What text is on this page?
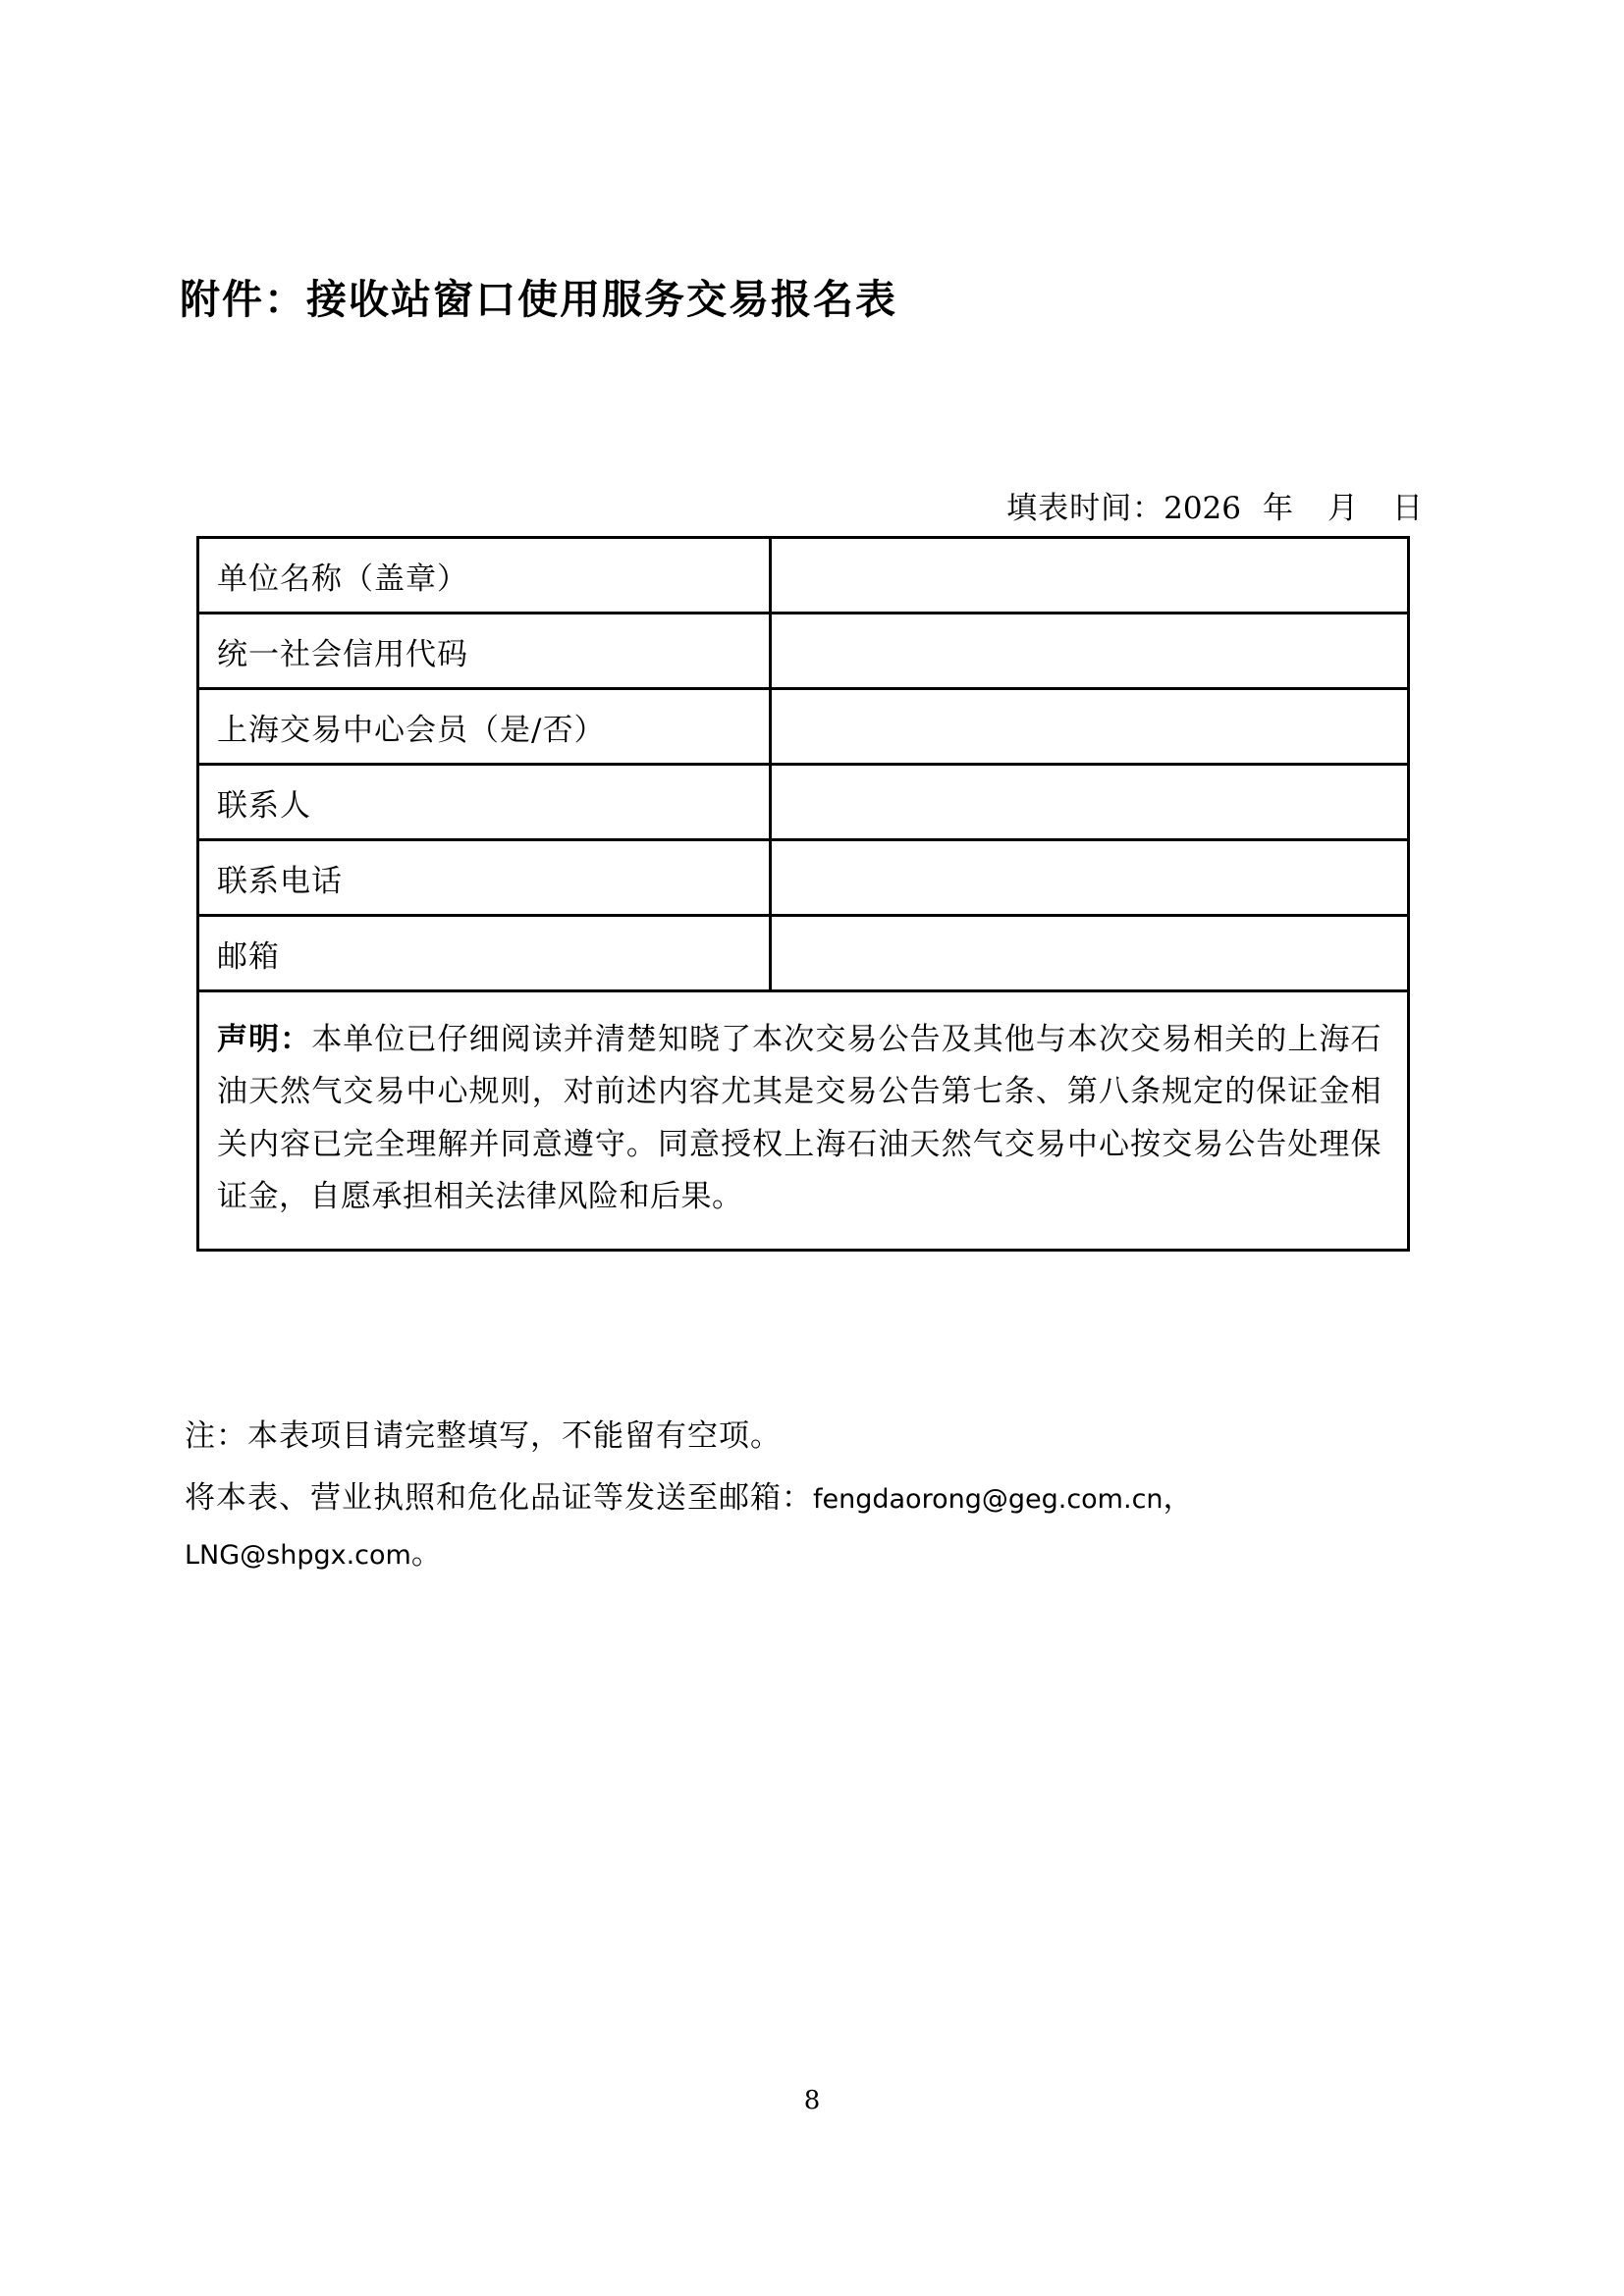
附件：接收站窗口使用服务交易报名表
填表时间：2026 年 月 日
单位名称（盖章）	
统一社会信用代码	
上海交易中心会员（是/否）	
联系人	
联系电话	
邮箱	
声明：本单位已仔细阅读并清楚知晓了本次交易公告及其他与本次交易相关的上海石油天然气交易中心规则，对前述内容尤其是交易公告第七条、第八条规定的保证金相关内容已完全理解并同意遵守。同意授权上海石油天然气交易中心按交易公告处理保证金，自愿承担相关法律风险和后果。	
注：本表项目请完整填写，不能留有空项。
将本表、营业执照和危化品证等发送至邮箱：fengdaorong@geg.com.cn，
LNG@shpgx.com。
8
